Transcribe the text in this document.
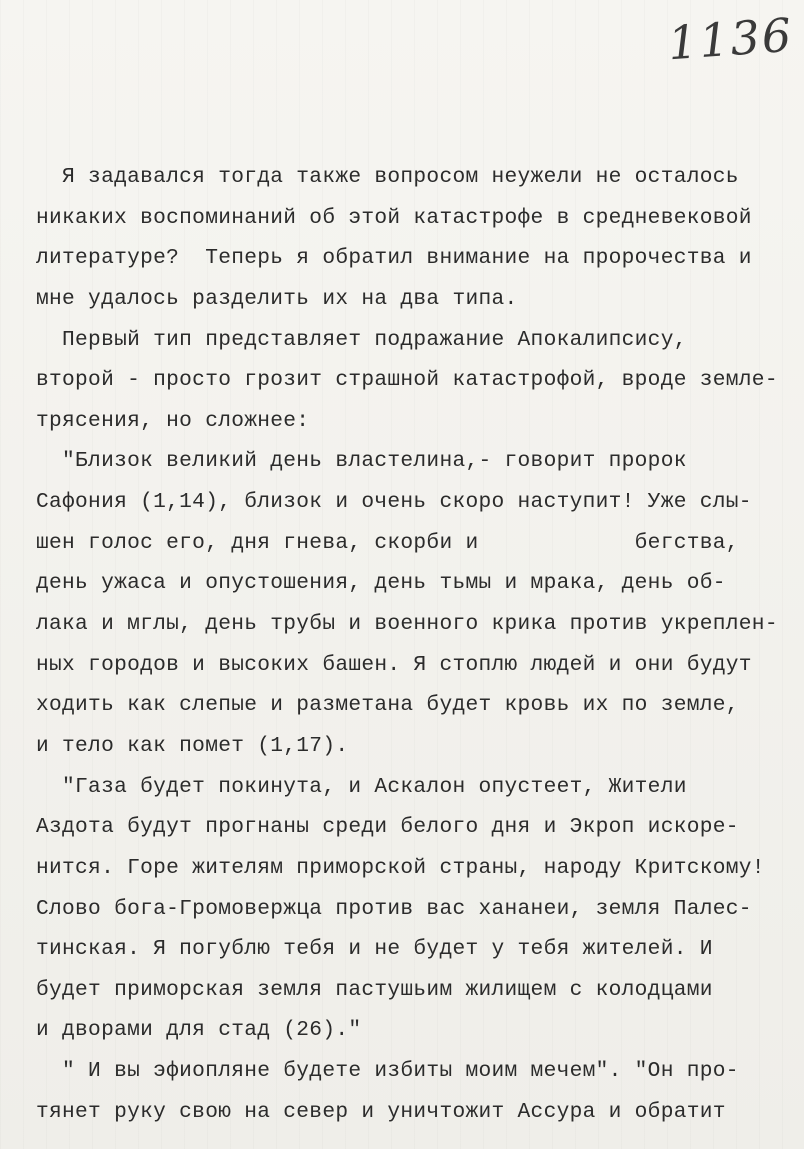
1136
Я задавался тогда также вопросом неужели не осталось
никаких воспоминаний об этой катастрофе в средневековой
литературе?  Теперь я обратил внимание на пророчества и
мне удалось разделить их на два типа.
Первый тип представляет подражание Апокалипсису,
второй - просто грозит страшной катастрофой, вроде земле-
трясения, но сложнее:
"Близок великий день властелина,- говорит пророк
Сафония (1,14), близок и очень скоро наступит! Уже слы-
шен голос его, дня гнева, скорби и            бегства,
день ужаса и опустошения, день тьмы и мрака, день об-
лака и мглы, день трубы и военного крика против укреплен-
ных городов и высоких башен. Я стоплю людей и они будут
ходить как слепые и разметана будет кровь их по земле,
и тело как помет (1,17).
"Газа будет покинута, и Аскалон опустеет, Жители
Аздота будут прогнаны среди белого дня и Экроп искоре-
нится. Горе жителям приморской страны, народу Критскому!
Слово бога-Громовержца против вас хананеи, земля Палес-
тинская. Я погублю тебя и не будет у тебя жителей. И
будет приморская земля пастушьим жилищем с колодцами
и дворами для стад (26)."
" И вы эфиопляне будете избиты моим мечем". "Он про-
тянет руку свою на север и уничтожит Ассура и обратит
